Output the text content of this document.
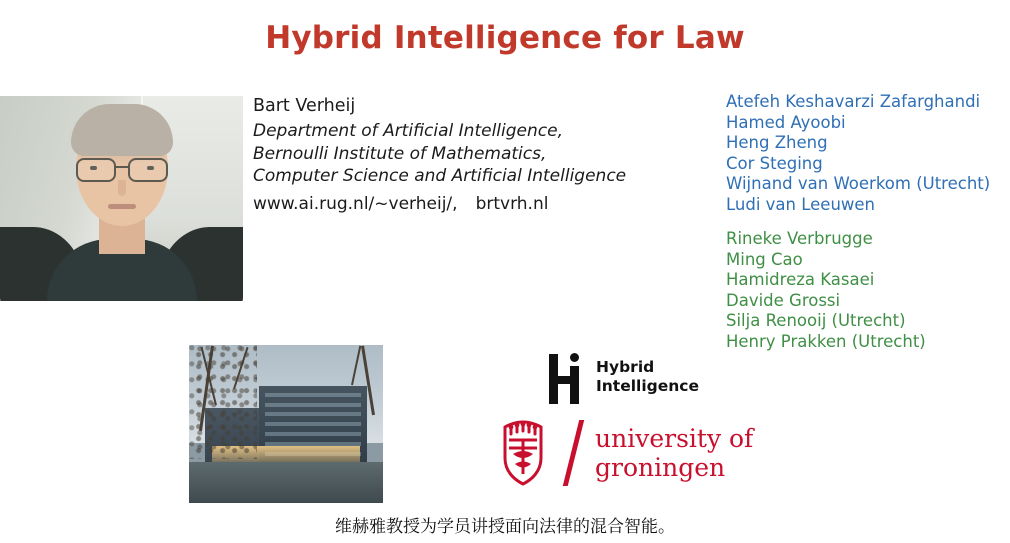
Hybrid Intelligence for Law
Bart Verheij
Department of Artificial Intelligence,
Bernoulli Institute of Mathematics,
Computer Science and Artificial Intelligence
www.ai.rug.nl/~verheij/, brtvrh.nl
Atefeh Keshavarzi Zafarghandi
Hamed Ayoobi
Heng Zheng
Cor Steging
Wijnand van Woerkom (Utrecht)
Ludi van Leeuwen
Rineke Verbrugge
Ming Cao
Hamidreza Kasaei
Davide Grossi
Silja Renooij (Utrecht)
Henry Prakken (Utrecht)
Hybrid
Intelligence
university of
groningen
维赫雅教授为学员讲授面向法律的混合智能。
